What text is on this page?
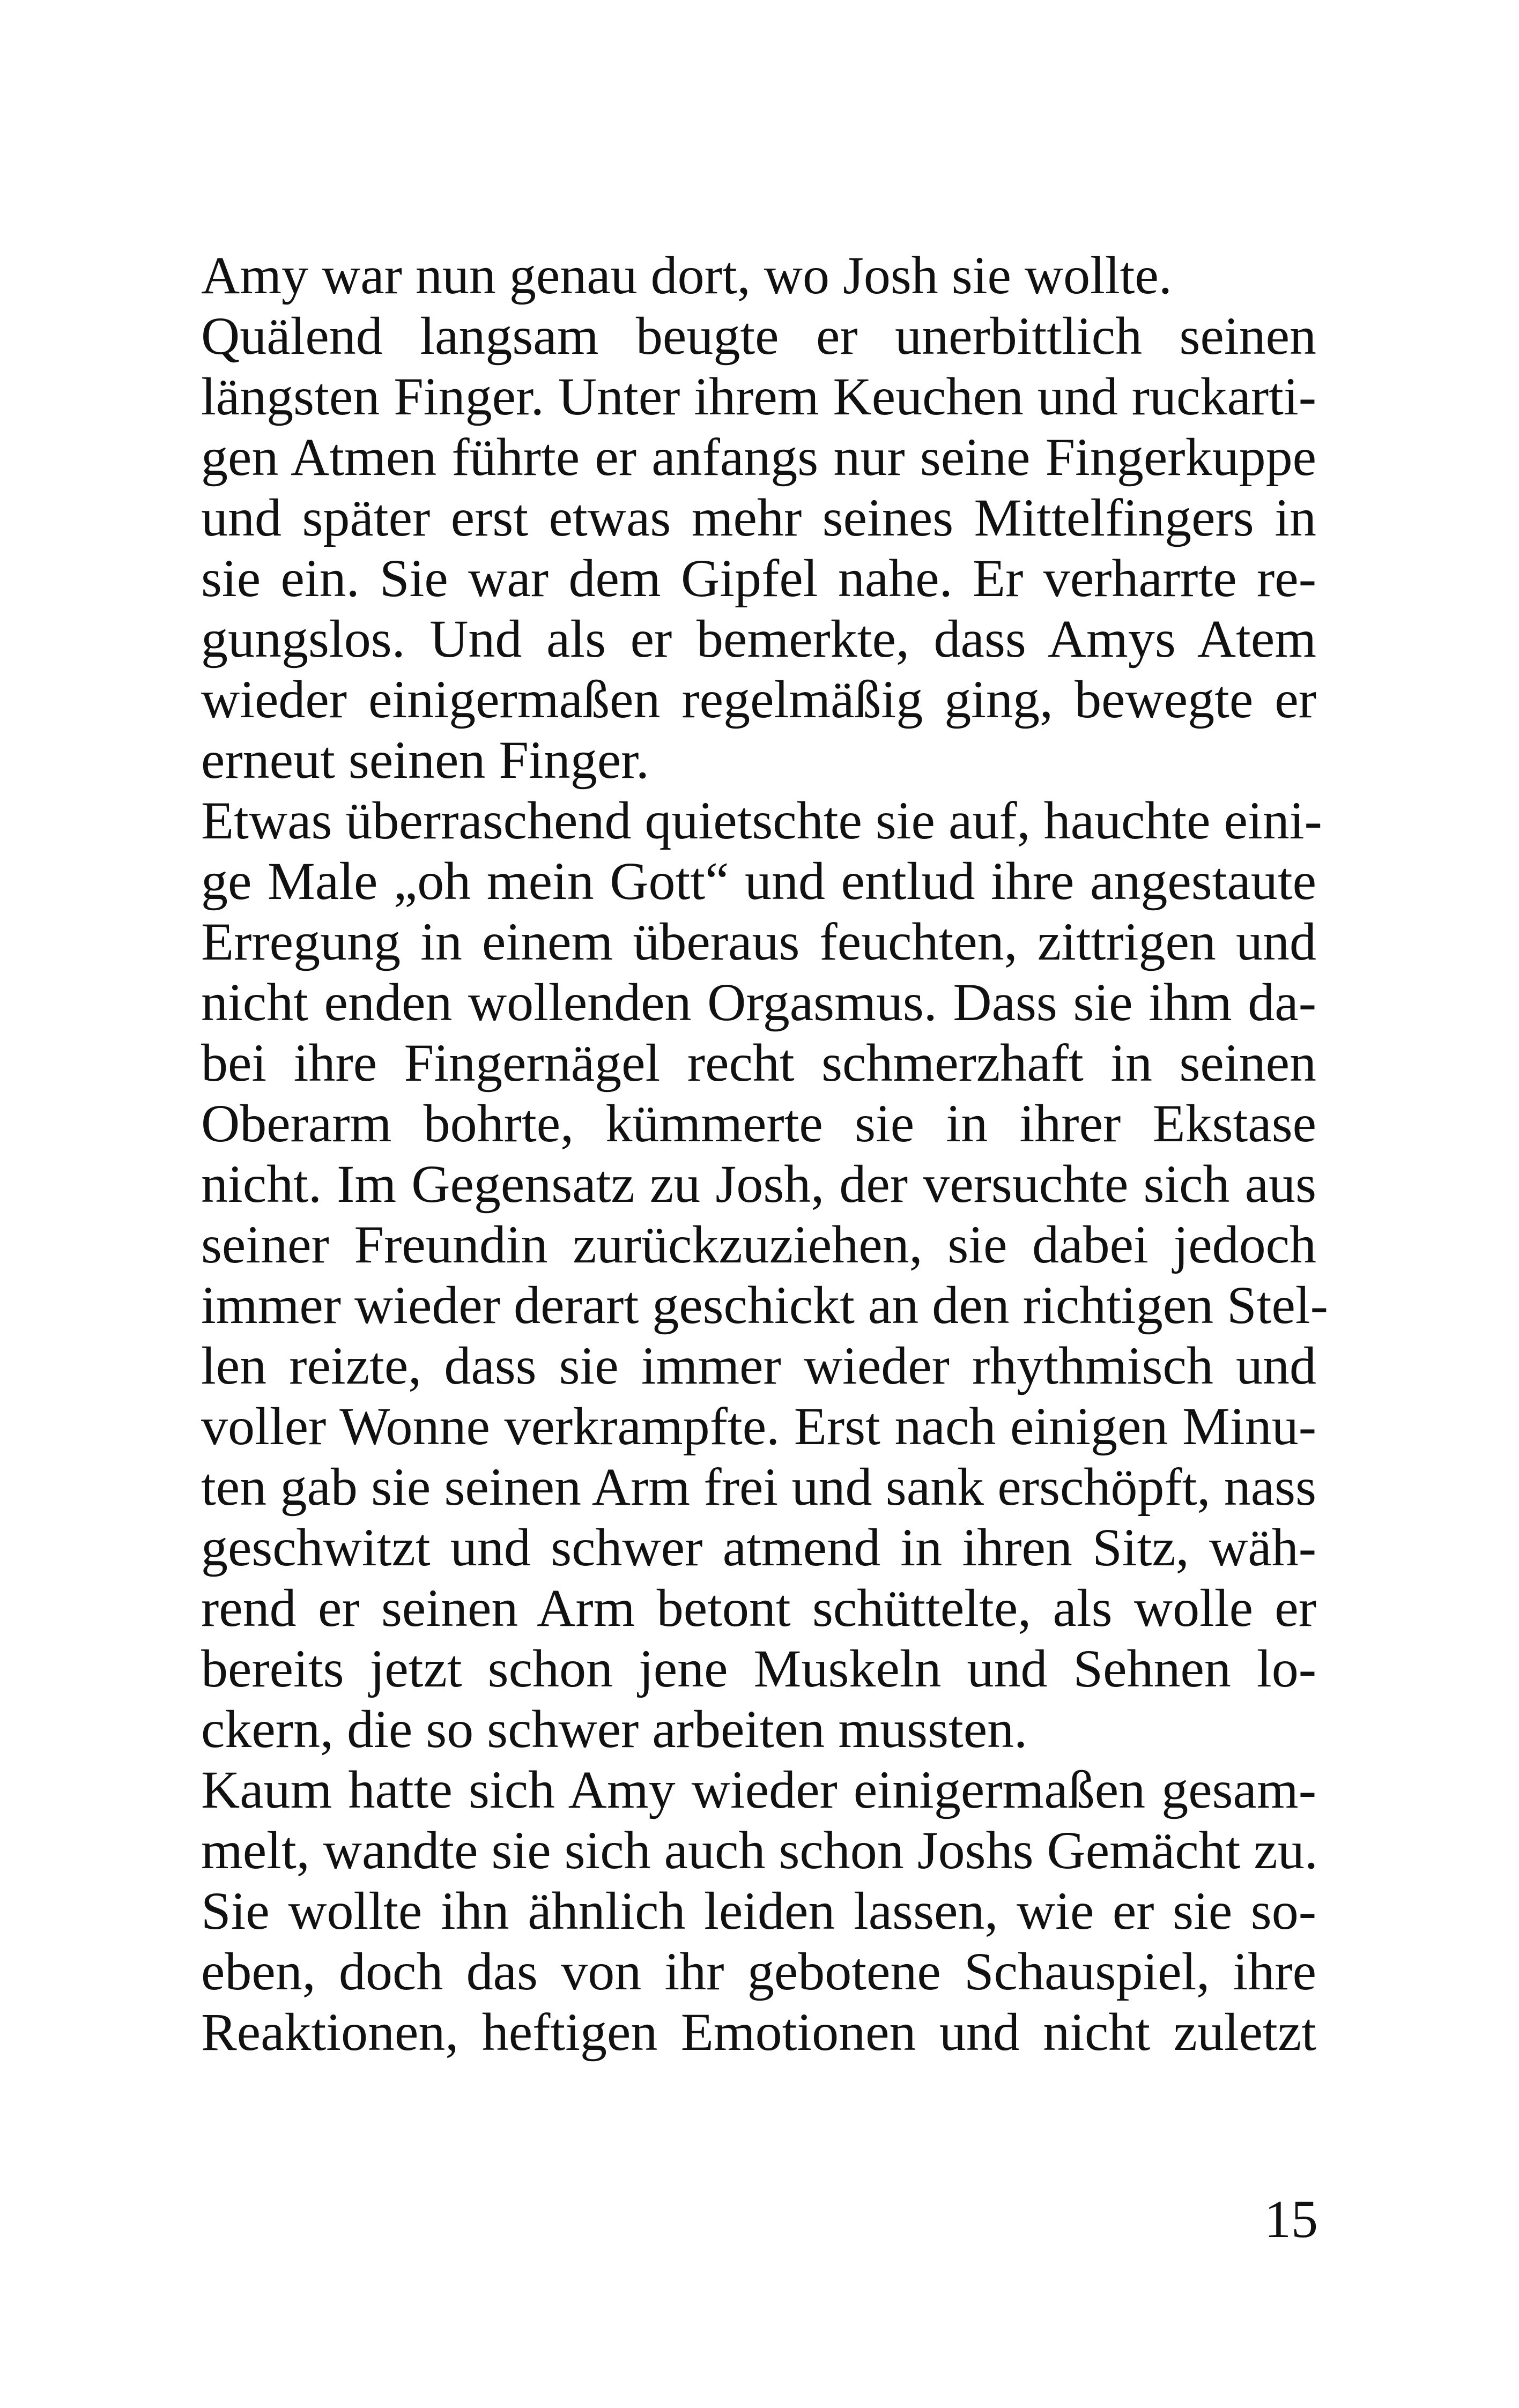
Amy war nun genau dort, wo Josh sie wollte.
Quälend langsam beugte er unerbittlich seinen
längsten Finger. Unter ihrem Keuchen und ruckarti-
gen Atmen führte er anfangs nur seine Fingerkuppe
und später erst etwas mehr seines Mittelfingers in
sie ein. Sie war dem Gipfel nahe. Er verharrte re-
gungslos. Und als er bemerkte, dass Amys Atem
wieder einigermaßen regelmäßig ging, bewegte er
erneut seinen Finger.
Etwas überraschend quietschte sie auf, hauchte eini-
ge Male „oh mein Gott“ und entlud ihre angestaute
Erregung in einem überaus feuchten, zittrigen und
nicht enden wollenden Orgasmus. Dass sie ihm da-
bei ihre Fingernägel recht schmerzhaft in seinen
Oberarm bohrte, kümmerte sie in ihrer Ekstase
nicht. Im Gegensatz zu Josh, der versuchte sich aus
seiner Freundin zurückzuziehen, sie dabei jedoch
immer wieder derart geschickt an den richtigen Stel-
len reizte, dass sie immer wieder rhythmisch und
voller Wonne verkrampfte. Erst nach einigen Minu-
ten gab sie seinen Arm frei und sank erschöpft, nass
geschwitzt und schwer atmend in ihren Sitz, wäh-
rend er seinen Arm betont schüttelte, als wolle er
bereits jetzt schon jene Muskeln und Sehnen lo-
ckern, die so schwer arbeiten mussten.
Kaum hatte sich Amy wieder einigermaßen gesam-
melt, wandte sie sich auch schon Joshs Gemächt zu.
Sie wollte ihn ähnlich leiden lassen, wie er sie so-
eben, doch das von ihr gebotene Schauspiel, ihre
Reaktionen, heftigen Emotionen und nicht zuletzt
15
